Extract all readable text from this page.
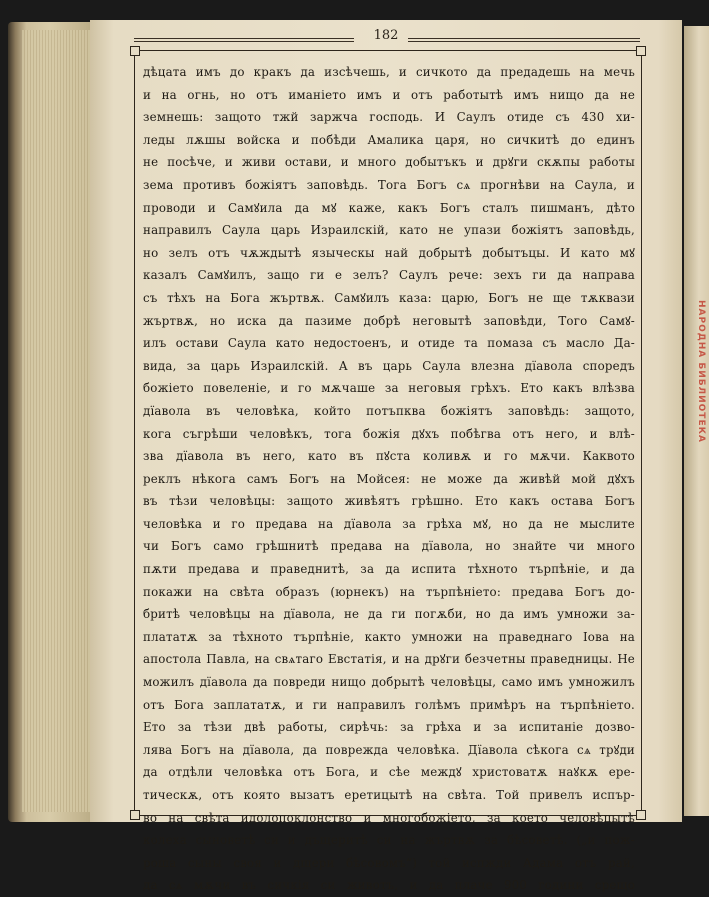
НАРОДНА БИБЛИОТЕКА
182
дѣцата имъ до кракъ да изсѣчешь, и сичкото да предадешь на мечь
и на огнь, но отъ иманіето имъ и отъ работытѣ имъ нищо да не
земнешь: защото тжй заржча господь. И Саулъ отиде съ 430 хи-
леды лѫшы войска и побѣди Амалика царя, но сичкитѣ до единъ
не посѣче, и живи остави, и много добытъкъ и дрꙋги скѫпы работы
зема противъ божіятъ заповѣдь. Тога Богъ сѧ прогнѣви на Саула, и
проводи и Самꙋила да мꙋ каже, какъ Богъ сталъ пишманъ, дѣто
направилъ Саула царь Израилскій, като не упази божіятъ заповѣдь,
но зелъ отъ чѫждытѣ языческы най добрытѣ добытъцы. И като мꙋ
казалъ Самꙋилъ, защо ги е зелъ? Саулъ рече: зехъ ги да направа
съ тѣхъ на Бога жъртвѫ. Самꙋилъ каза: царю, Богъ не ще тѫквази
жъртвѫ, но иска да пазиме добрѣ неговытѣ заповѣди, Тогo Самꙋ-
илъ остави Саула като недостоенъ, и отиде та помаза съ масло Да-
вида, за царь Израилскій. А въ царь Саула влезна дїавола споредъ
божіето повеленіе, и го мѫчаше за неговыя грѣхъ. Ето какъ влѣзва
дїавола въ человѣка, който потъпква божіятъ заповѣдь: защото,
кога съгрѣши человѣкъ, тога божія дꙋхъ побѣгва отъ него, и влѣ-
зва дїавола въ него, като въ пꙋста коливѫ и го мѫчи. Каквото
реклъ нѣкога самъ Богъ на Мойсея: не може да живѣй мой дꙋхъ
въ тѣзи человѣцы: защото живѣятъ грѣшно. Ето какъ остава Богъ
человѣка и го предава на дїавола за грѣха мꙋ, но да не мыслите
чи Богъ само грѣшнитѣ предава на дїавола, но знайте чи много
пѫти предава и праведнитѣ, за да испита тѣхното търпѣніе, и да
покажи на свѣта образъ (юрнекъ) на търпѣніето: предава Богъ до-
бритѣ человѣцы на дїавола, не да ги погѫби, но да имъ умножи за-
плататѫ за тѣхното търпѣніе, както умножи на праведнаго Іова на
апостола Павла, на свѧтаго Евстатія, и на дрꙋги безчетны праведницы. Не
можилъ дїавола да повреди нищо добрытѣ человѣцы, само имъ умножилъ
отъ Бога заплататѫ, и ги направилъ голѣмъ примѣръ на търпѣніето.
Ето за тѣзи двѣ работы, сирѣчь: за грѣха и за испитаніе дозво-
лява Богъ на дїавола, да повреждa человѣка. Дїавола сѣкога сѧ трꙋди
да отдѣли человѣка отъ Бога, и сѣе междꙋ христоватѫ наꙋкѫ ере-
тическѫ, отъ която вызатъ еретицытѣ на свѣта. Той привелъ испър-
во на свѣта идолопоклонство и многобожіето, за което человѣцытѣ
колеха сыноветѣ си и дъщеритѣ си на жъртвѫ за бѣсоветѣ. („и пож-
роша сыны своя и дщери бѣсовомъ“) той испжди Адама отъ рай,
да сѧ мѫчи въ сичкія си животъ, и да плаче 900 години срещo
